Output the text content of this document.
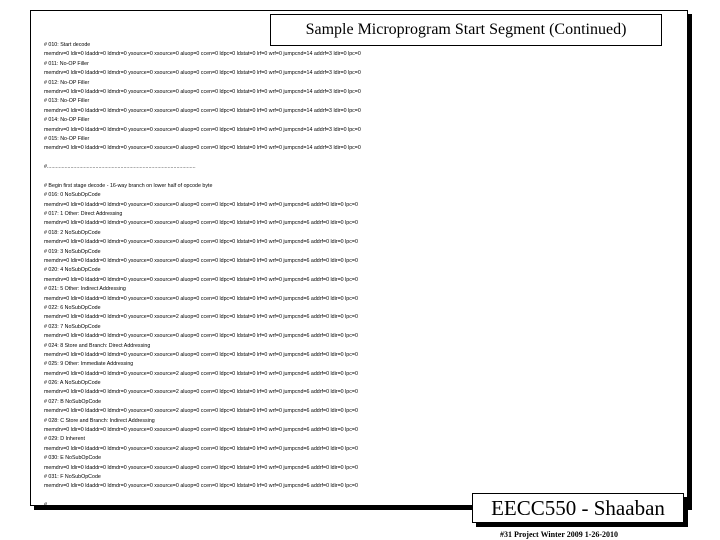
# 010: Start decode
memdrv=0 ldir=0 ldaddr=0 ldmdr=0 ysource=0 xsource=0 aluop=0 ccen=0 ldpc=0 ldstat=0 lrf=0 wrf=0 jumpcnd=14 addrf=3 ldir=0 lpc=0
# 011: No-OP Filler
memdrv=0 ldir=0 ldaddr=0 ldmdr=0 ysource=0 xsource=0 aluop=0 ccen=0 ldpc=0 ldstat=0 lrf=0 wrf=0 jumpcnd=14 addrf=3 ldir=0 lpc=0
# 012: No-OP Filler
memdrv=0 ldir=0 ldaddr=0 ldmdr=0 ysource=0 xsource=0 aluop=0 ccen=0 ldpc=0 ldstat=0 lrf=0 wrf=0 jumpcnd=14 addrf=3 ldir=0 lpc=0
# 013: No-OP Filler
memdrv=0 ldir=0 ldaddr=0 ldmdr=0 ysource=0 xsource=0 aluop=0 ccen=0 ldpc=0 ldstat=0 lrf=0 wrf=0 jumpcnd=14 addrf=3 ldir=0 lpc=0
# 014: No-OP Filler
memdrv=0 ldir=0 ldaddr=0 ldmdr=0 ysource=0 xsource=0 aluop=0 ccen=0 ldpc=0 ldstat=0 lrf=0 wrf=0 jumpcnd=14 addrf=3 ldir=0 lpc=0
# 015: No-OP Filler
memdrv=0 ldir=0 ldaddr=0 ldmdr=0 ysource=0 xsource=0 aluop=0 ccen=0 ldpc=0 ldstat=0 lrf=0 wrf=0 jumpcnd=14 addrf=3 ldir=0 lpc=0
#.....................................................................................................
# Begin first stage decode - 16-way branch on lower half of opcode byte
# 016: 0 NoSubOpCode
memdrv=0 ldir=0 ldaddr=0 ldmdr=0 ysource=0 xsource=0 aluop=0 ccen=0 ldpc=0 ldstat=0 lrf=0 wrf=0 jumpcnd=6 addrf=0 ldir=0 lpc=0
# 017: 1 Other: Direct Addressing
memdrv=0 ldir=0 ldaddr=0 ldmdr=0 ysource=0 xsource=0 aluop=0 ccen=0 ldpc=0 ldstat=0 lrf=0 wrf=0 jumpcnd=6 addrf=0 ldir=0 lpc=0
# 018: 2 NoSubOpCode
memdrv=0 ldir=0 ldaddr=0 ldmdr=0 ysource=0 xsource=0 aluop=0 ccen=0 ldpc=0 ldstat=0 lrf=0 wrf=0 jumpcnd=6 addrf=0 ldir=0 lpc=0
# 019: 3 NoSubOpCode
memdrv=0 ldir=0 ldaddr=0 ldmdr=0 ysource=0 xsource=0 aluop=0 ccen=0 ldpc=0 ldstat=0 lrf=0 wrf=0 jumpcnd=6 addrf=0 ldir=0 lpc=0
# 020: 4 NoSubOpCode
memdrv=0 ldir=0 ldaddr=0 ldmdr=0 ysource=0 xsource=0 aluop=0 ccen=0 ldpc=0 ldstat=0 lrf=0 wrf=0 jumpcnd=6 addrf=0 ldir=0 lpc=0
# 021: 5 Other: Indirect Addressing
memdrv=0 ldir=0 ldaddr=0 ldmdr=0 ysource=0 xsource=0 aluop=0 ccen=0 ldpc=0 ldstat=0 lrf=0 wrf=0 jumpcnd=6 addrf=0 ldir=0 lpc=0
# 022: 6 NoSubOpCode
memdrv=0 ldir=0 ldaddr=0 ldmdr=0 ysource=0 xsource=2 aluop=0 ccen=0 ldpc=0 ldstat=0 lrf=0 wrf=0 jumpcnd=6 addrf=0 ldir=0 lpc=0
# 023: 7 NoSubOpCode
memdrv=0 ldir=0 ldaddr=0 ldmdr=0 ysource=0 xsource=0 aluop=0 ccen=0 ldpc=0 ldstat=0 lrf=0 wrf=0 jumpcnd=6 addrf=0 ldir=0 lpc=0
# 024: 8 Store and Branch: Direct Addressing
memdrv=0 ldir=0 ldaddr=0 ldmdr=0 ysource=0 xsource=0 aluop=0 ccen=0 ldpc=0 ldstat=0 lrf=0 wrf=0 jumpcnd=6 addrf=0 ldir=0 lpc=0
# 025: 9 Other: Immediate Addressing
memdrv=0 ldir=0 ldaddr=0 ldmdr=0 ysource=0 xsource=2 aluop=0 ccen=0 ldpc=0 ldstat=0 lrf=0 wrf=0 jumpcnd=6 addrf=0 ldir=0 lpc=0
# 026: A NoSubOpCode
memdrv=0 ldir=0 ldaddr=0 ldmdr=0 ysource=0 xsource=2 aluop=0 ccen=0 ldpc=0 ldstat=0 lrf=0 wrf=0 jumpcnd=6 addrf=0 ldir=0 lpc=0
# 027: B NoSubOpCode
memdrv=0 ldir=0 ldaddr=0 ldmdr=0 ysource=0 xsource=2 aluop=0 ccen=0 ldpc=0 ldstat=0 lrf=0 wrf=0 jumpcnd=6 addrf=0 ldir=0 lpc=0
# 028: C Store and Branch: Indirect Addressing
memdrv=0 ldir=0 ldaddr=0 ldmdr=0 ysource=0 xsource=0 aluop=0 ccen=0 ldpc=0 ldstat=0 lrf=0 wrf=0 jumpcnd=6 addrf=0 ldir=0 lpc=0
# 029: D Inherent
memdrv=0 ldir=0 ldaddr=0 ldmdr=0 ysource=0 xsource=2 aluop=0 ccen=0 ldpc=0 ldstat=0 lrf=0 wrf=0 jumpcnd=6 addrf=0 ldir=0 lpc=0
# 030: E NoSubOpCode
memdrv=0 ldir=0 ldaddr=0 ldmdr=0 ysource=0 xsource=0 aluop=0 ccen=0 ldpc=0 ldstat=0 lrf=0 wrf=0 jumpcnd=6 addrf=0 ldir=0 lpc=0
# 031: F NoSubOpCode
memdrv=0 ldir=0 ldaddr=0 ldmdr=0 ysource=0 xsource=0 aluop=0 ccen=0 ldpc=0 ldstat=0 lrf=0 wrf=0 jumpcnd=6 addrf=0 ldir=0 lpc=0
#.....................................................................................................
Sample Microprogram Start Segment (Continued)
EECC550 - Shaaban
#31 Project Winter 2009 1-26-2010
